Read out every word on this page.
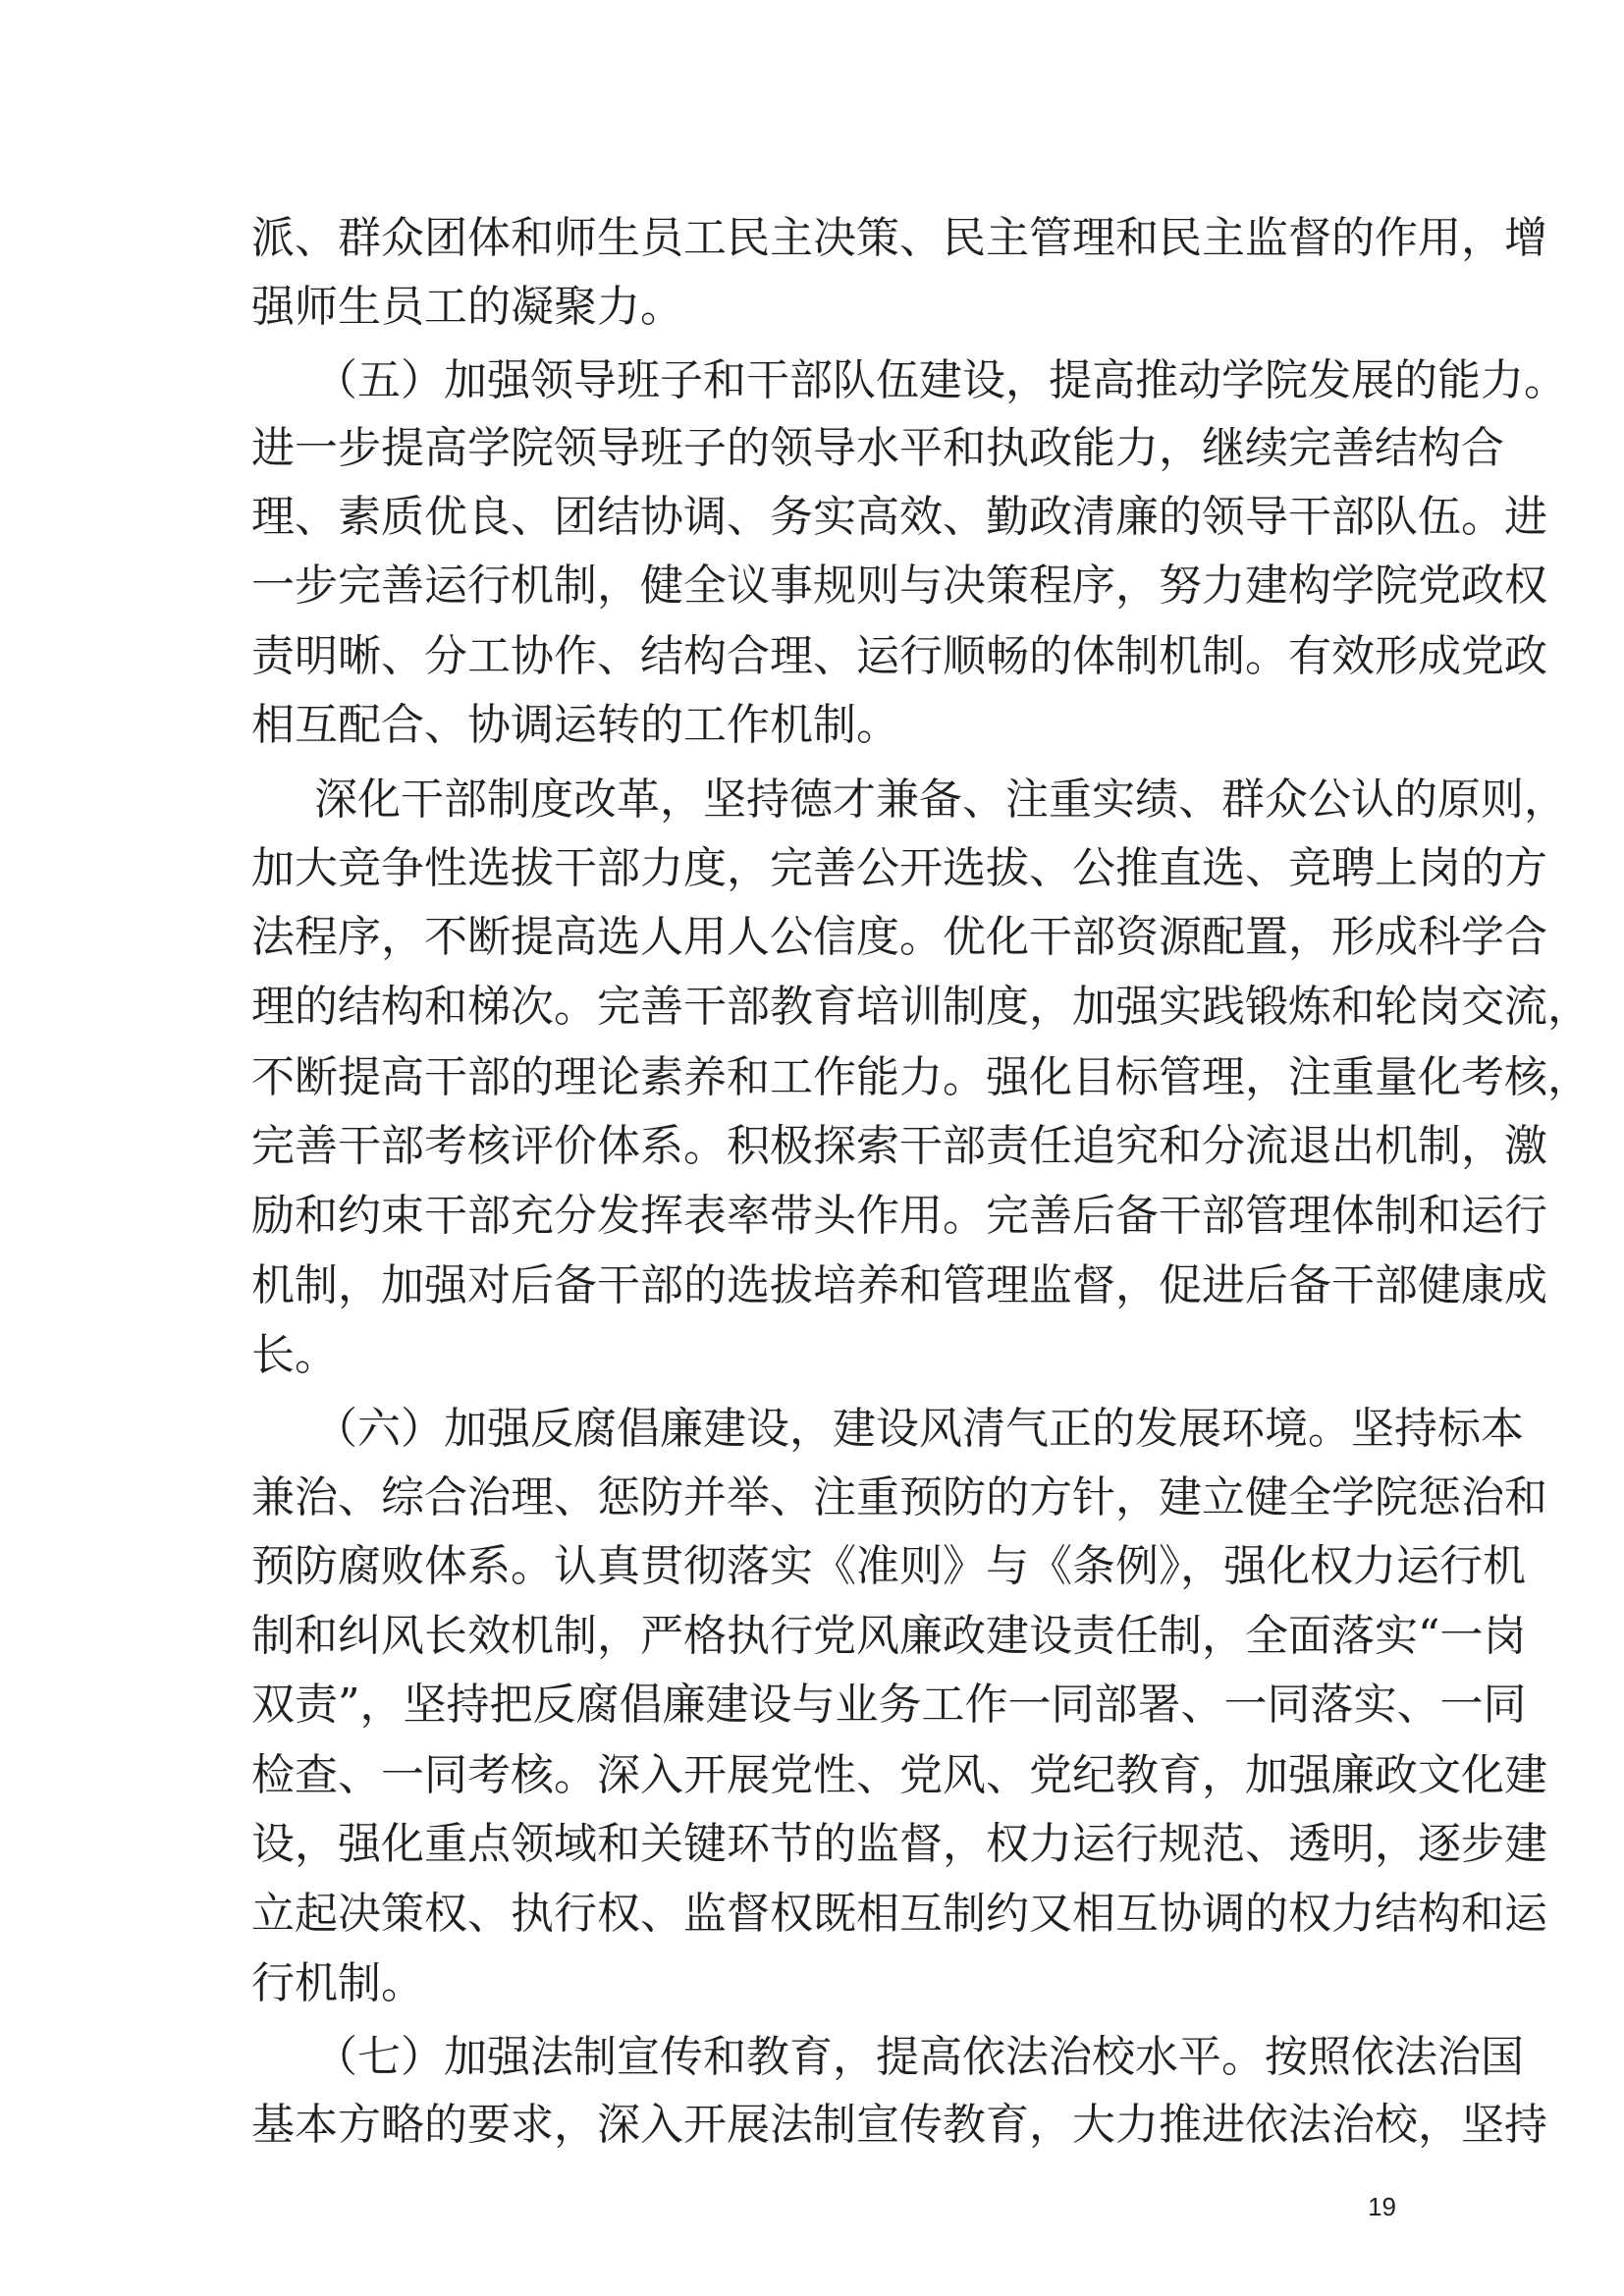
派、群众团体和师生员工民主决策、民主管理和民主监督的作用，增
强师生员工的凝聚力。
（五）加强领导班子和干部队伍建设，提高推动学院发展的能力。
进一步提高学院领导班子的领导水平和执政能力，继续完善结构合
理、素质优良、团结协调、务实高效、勤政清廉的领导干部队伍。进
一步完善运行机制，健全议事规则与决策程序，努力建构学院党政权
责明晰、分工协作、结构合理、运行顺畅的体制机制。有效形成党政
相互配合、协调运转的工作机制。
深化干部制度改革，坚持德才兼备、注重实绩、群众公认的原则，
加大竞争性选拔干部力度，完善公开选拔、公推直选、竞聘上岗的方
法程序，不断提高选人用人公信度。优化干部资源配置，形成科学合
理的结构和梯次。完善干部教育培训制度，加强实践锻炼和轮岗交流，
不断提高干部的理论素养和工作能力。强化目标管理，注重量化考核，
完善干部考核评价体系。积极探索干部责任追究和分流退出机制，激
励和约束干部充分发挥表率带头作用。完善后备干部管理体制和运行
机制，加强对后备干部的选拔培养和管理监督，促进后备干部健康成
长。
（六）加强反腐倡廉建设，建设风清气正的发展环境。坚持标本
兼治、综合治理、惩防并举、注重预防的方针，建立健全学院惩治和
预防腐败体系。认真贯彻落实《准则》与《条例》，强化权力运行机
制和纠风长效机制，严格执行党风廉政建设责任制，全面落实“一岗
双责”，坚持把反腐倡廉建设与业务工作一同部署、一同落实、一同
检查、一同考核。深入开展党性、党风、党纪教育，加强廉政文化建
设，强化重点领域和关键环节的监督，权力运行规范、透明，逐步建
立起决策权、执行权、监督权既相互制约又相互协调的权力结构和运
行机制。
（七）加强法制宣传和教育，提高依法治校水平。按照依法治国
基本方略的要求，深入开展法制宣传教育，大力推进依法治校，坚持
19
